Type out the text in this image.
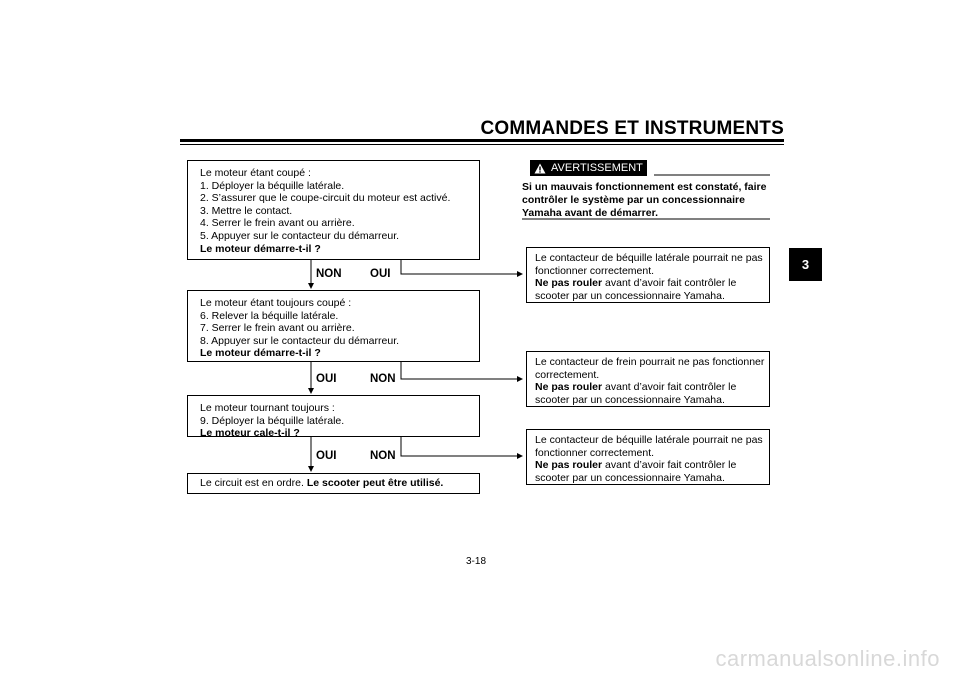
COMMANDES ET INSTRUMENTS
3
Le moteur étant coupé :
1. Déployer la béquille latérale.
2. S’assurer que le coupe-circuit du moteur est activé.
3. Mettre le contact.
4. Serrer le frein avant ou arrière.
5. Appuyer sur le contacteur du démarreur.
Le moteur démarre-t-il ?
NON OUI
Le moteur étant toujours coupé :
6. Relever la béquille latérale.
7. Serrer le frein avant ou arrière.
8. Appuyer sur le contacteur du démarreur.
Le moteur démarre-t-il ?
OUI	NON
Le moteur tournant toujours :
9. Déployer la béquille latérale.
Le moteur cale-t-il ?
OUI	NON
Le circuit est en ordre. Le scooter peut être utilisé.
AVERTISSEMENT
Si un mauvais fonctionnement est constaté, faire contrôler le système par un concessionnaire Yamaha avant de démarrer.
Le contacteur de béquille latérale pourrait ne pas
fonctionner correctement.
Ne pas rouler avant d’avoir fait contrôler le
scooter par un concessionnaire Yamaha.
Le contacteur de frein pourrait ne pas fonctionner
correctement.
Ne pas rouler avant d’avoir fait contrôler le
scooter par un concessionnaire Yamaha.
Le contacteur de béquille latérale pourrait ne pas
fonctionner correctement.
Ne pas rouler avant d’avoir fait contrôler le
scooter par un concessionnaire Yamaha.
3-18
carmanualsonline.info
